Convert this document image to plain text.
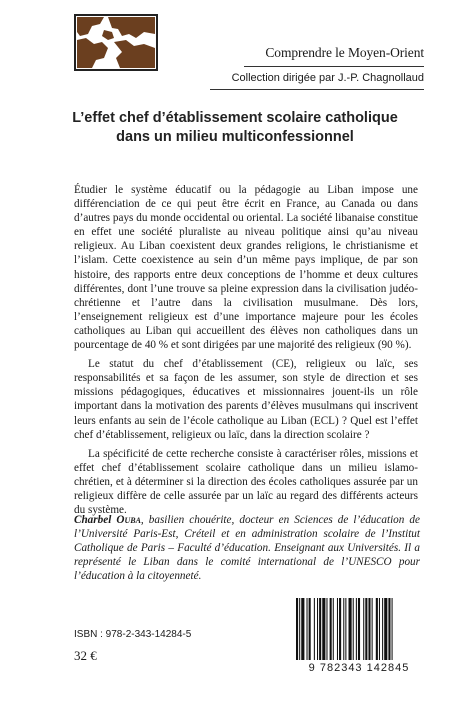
Comprendre le Moyen-Orient
Collection dirigée par J.-P. Chagnollaud
L’effet chef d’établissement scolaire catholique
dans un milieu multiconfessionnel

Étudier le système éducatif ou la pédagogie au Liban impose une différenciation de ce qui peut être écrit en France, au Canada ou dans d’autres pays du monde occidental ou oriental. La société libanaise constitue en effet une société pluraliste au niveau politique ainsi qu’au niveau religieux. Au Liban coexistent deux grandes religions, le christianisme et l’islam. Cette coexistence au sein d’un même pays implique, de par son histoire, des rapports entre deux conceptions de l’homme et deux cultures différentes, dont l’une trouve sa pleine expression dans la civilisation judéo-chrétienne et l’autre dans la civilisation musulmane. Dès lors, l’enseignement religieux est d’une importance majeure pour les écoles catholiques au Liban qui accueillent des élèves non catholiques dans un pourcentage de 40 % et sont dirigées par une majorité des religieux (90 %).

Le statut du chef d’établissement (CE), religieux ou laïc, ses responsabilités et sa façon de les assumer, son style de direction et ses missions pédagogiques, éducatives et missionnaires jouent-ils un rôle important dans la motivation des parents d’élèves musulmans qui inscrivent leurs enfants au sein de l’école catholique au Liban (ECL) ? Quel est l’effet chef d’établissement, religieux ou laïc, dans la direction scolaire ?

La spécificité de cette recherche consiste à caractériser rôles, missions et effet chef d’établissement scolaire catholique dans un milieu islamo-chrétien, et à déterminer si la direction des écoles catholiques assurée par un religieux diffère de celle assurée par un laïc au regard des différents acteurs du système.

Charbel Ouba, basilien chouérite, docteur en Sciences de l’éducation de l’Université Paris-Est, Créteil et en administration scolaire de l’Institut Catholique de Paris – Faculté d’éducation. Enseignant aux Universités. Il a représenté le Liban dans le comité international de l’UNESCO pour l’éducation à la citoyenneté.
ISBN : 978-2-343-14284-5
32 €
9 782343 142845
